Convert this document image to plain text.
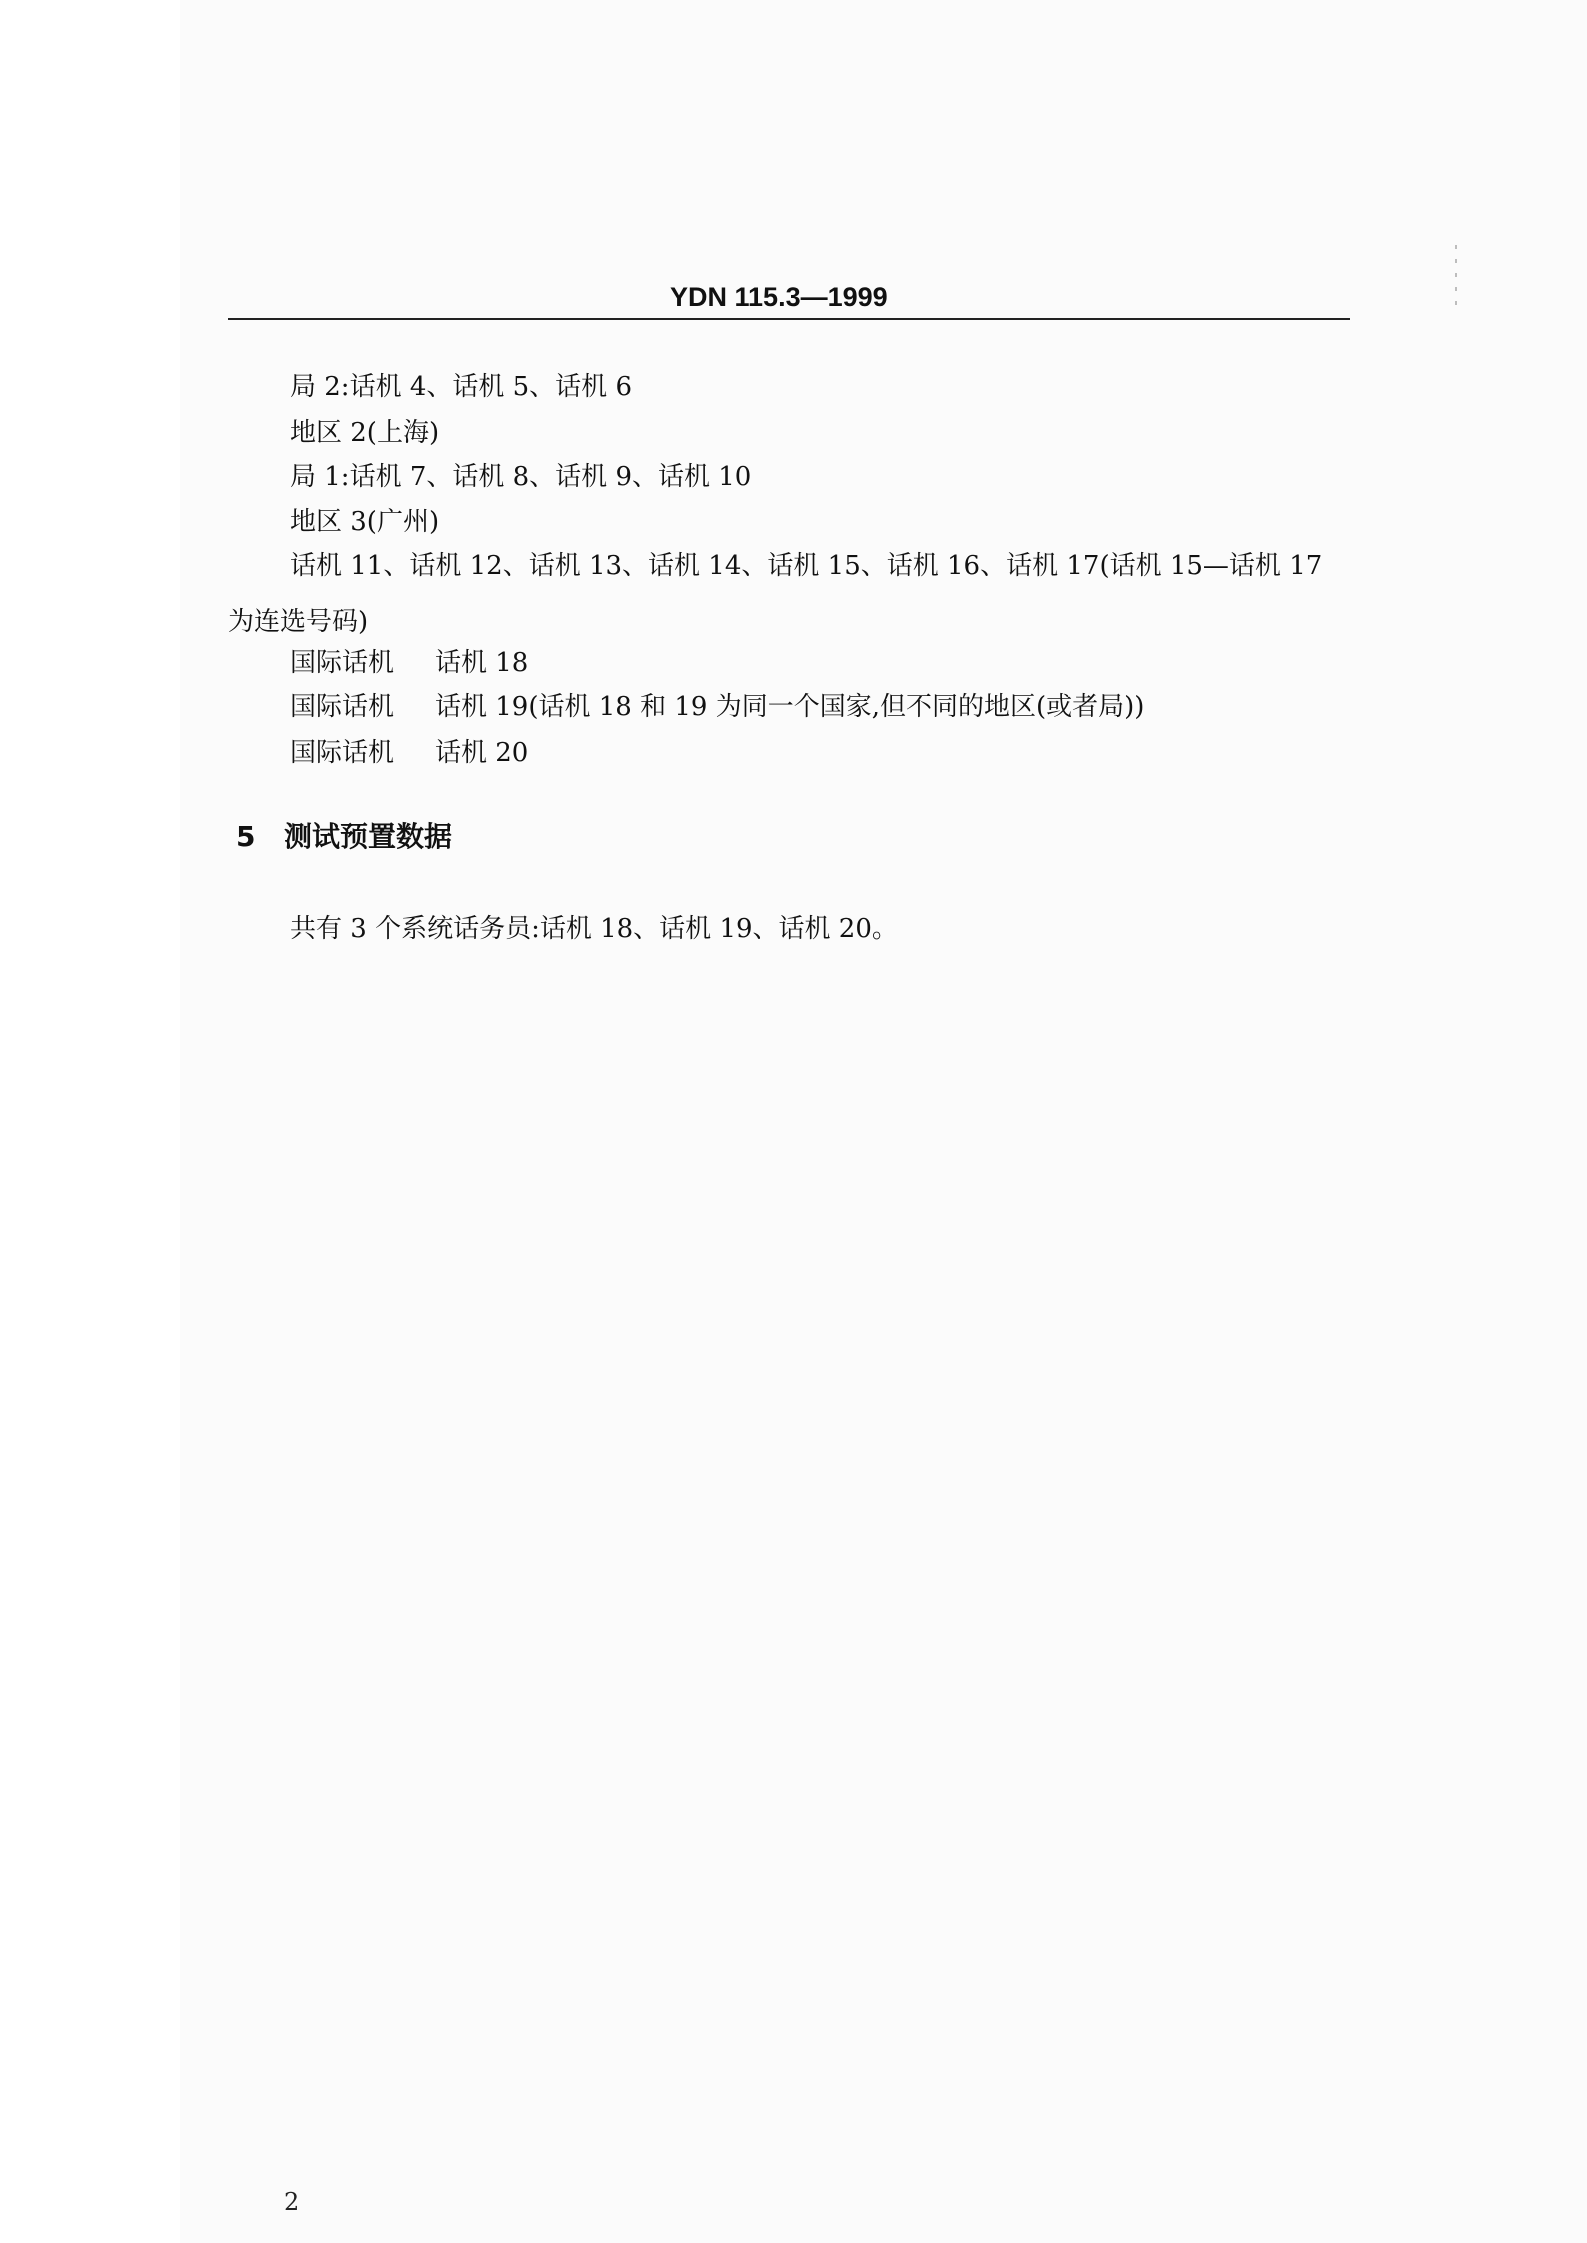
YDN 115.3—1999
局 2:话机 4、话机 5、话机 6
地区 2(上海)
局 1:话机 7、话机 8、话机 9、话机 10
地区 3(广州)
话机 11、话机 12、话机 13、话机 14、话机 15、话机 16、话机 17(话机 15—话机 17 为连选号码)
国际话机 话机 18
国际话机 话机 19(话机 18 和 19 为同一个国家,但不同的地区(或者局))
国际话机 话机 20
5 测试预置数据
共有 3 个系统话务员:话机 18、话机 19、话机 20。
2
